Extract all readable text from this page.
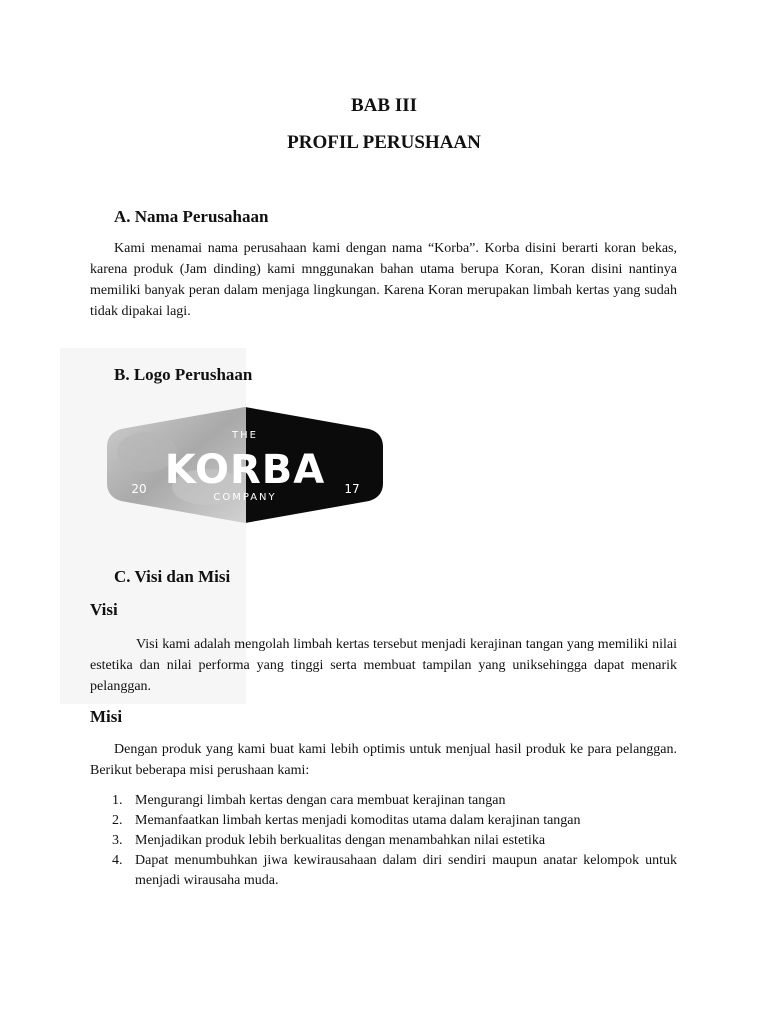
BAB III
PROFIL PERUSHAAN
A. Nama Perusahaan
Kami menamai nama perusahaan kami dengan nama “Korba”. Korba disini berarti koran bekas, karena produk (Jam dinding) kami mnggunakan bahan utama berupa Koran, Koran disini nantinya memiliki banyak peran dalam menjaga lingkungan. Karena Koran merupakan limbah kertas yang sudah tidak dipakai lagi.
B. Logo Perushaan
THE
KORBA
COMPANY
20	17
C. Visi dan Misi
Visi
Visi kami adalah mengolah limbah kertas tersebut menjadi kerajinan tangan yang memiliki nilai estetika dan nilai performa yang tinggi serta membuat tampilan yang uniksehingga dapat menarik pelanggan.
Misi
Dengan produk yang kami buat kami lebih optimis untuk menjual hasil produk ke para pelanggan. Berikut beberapa misi perushaan kami:
1. Mengurangi limbah kertas dengan cara membuat kerajinan tangan
2. Memanfaatkan limbah kertas menjadi komoditas utama dalam kerajinan tangan
3. Menjadikan produk lebih berkualitas dengan menambahkan nilai estetika
4. Dapat menumbuhkan jiwa kewirausahaan dalam diri sendiri maupun anatar kelompok untuk menjadi wirausaha muda.
